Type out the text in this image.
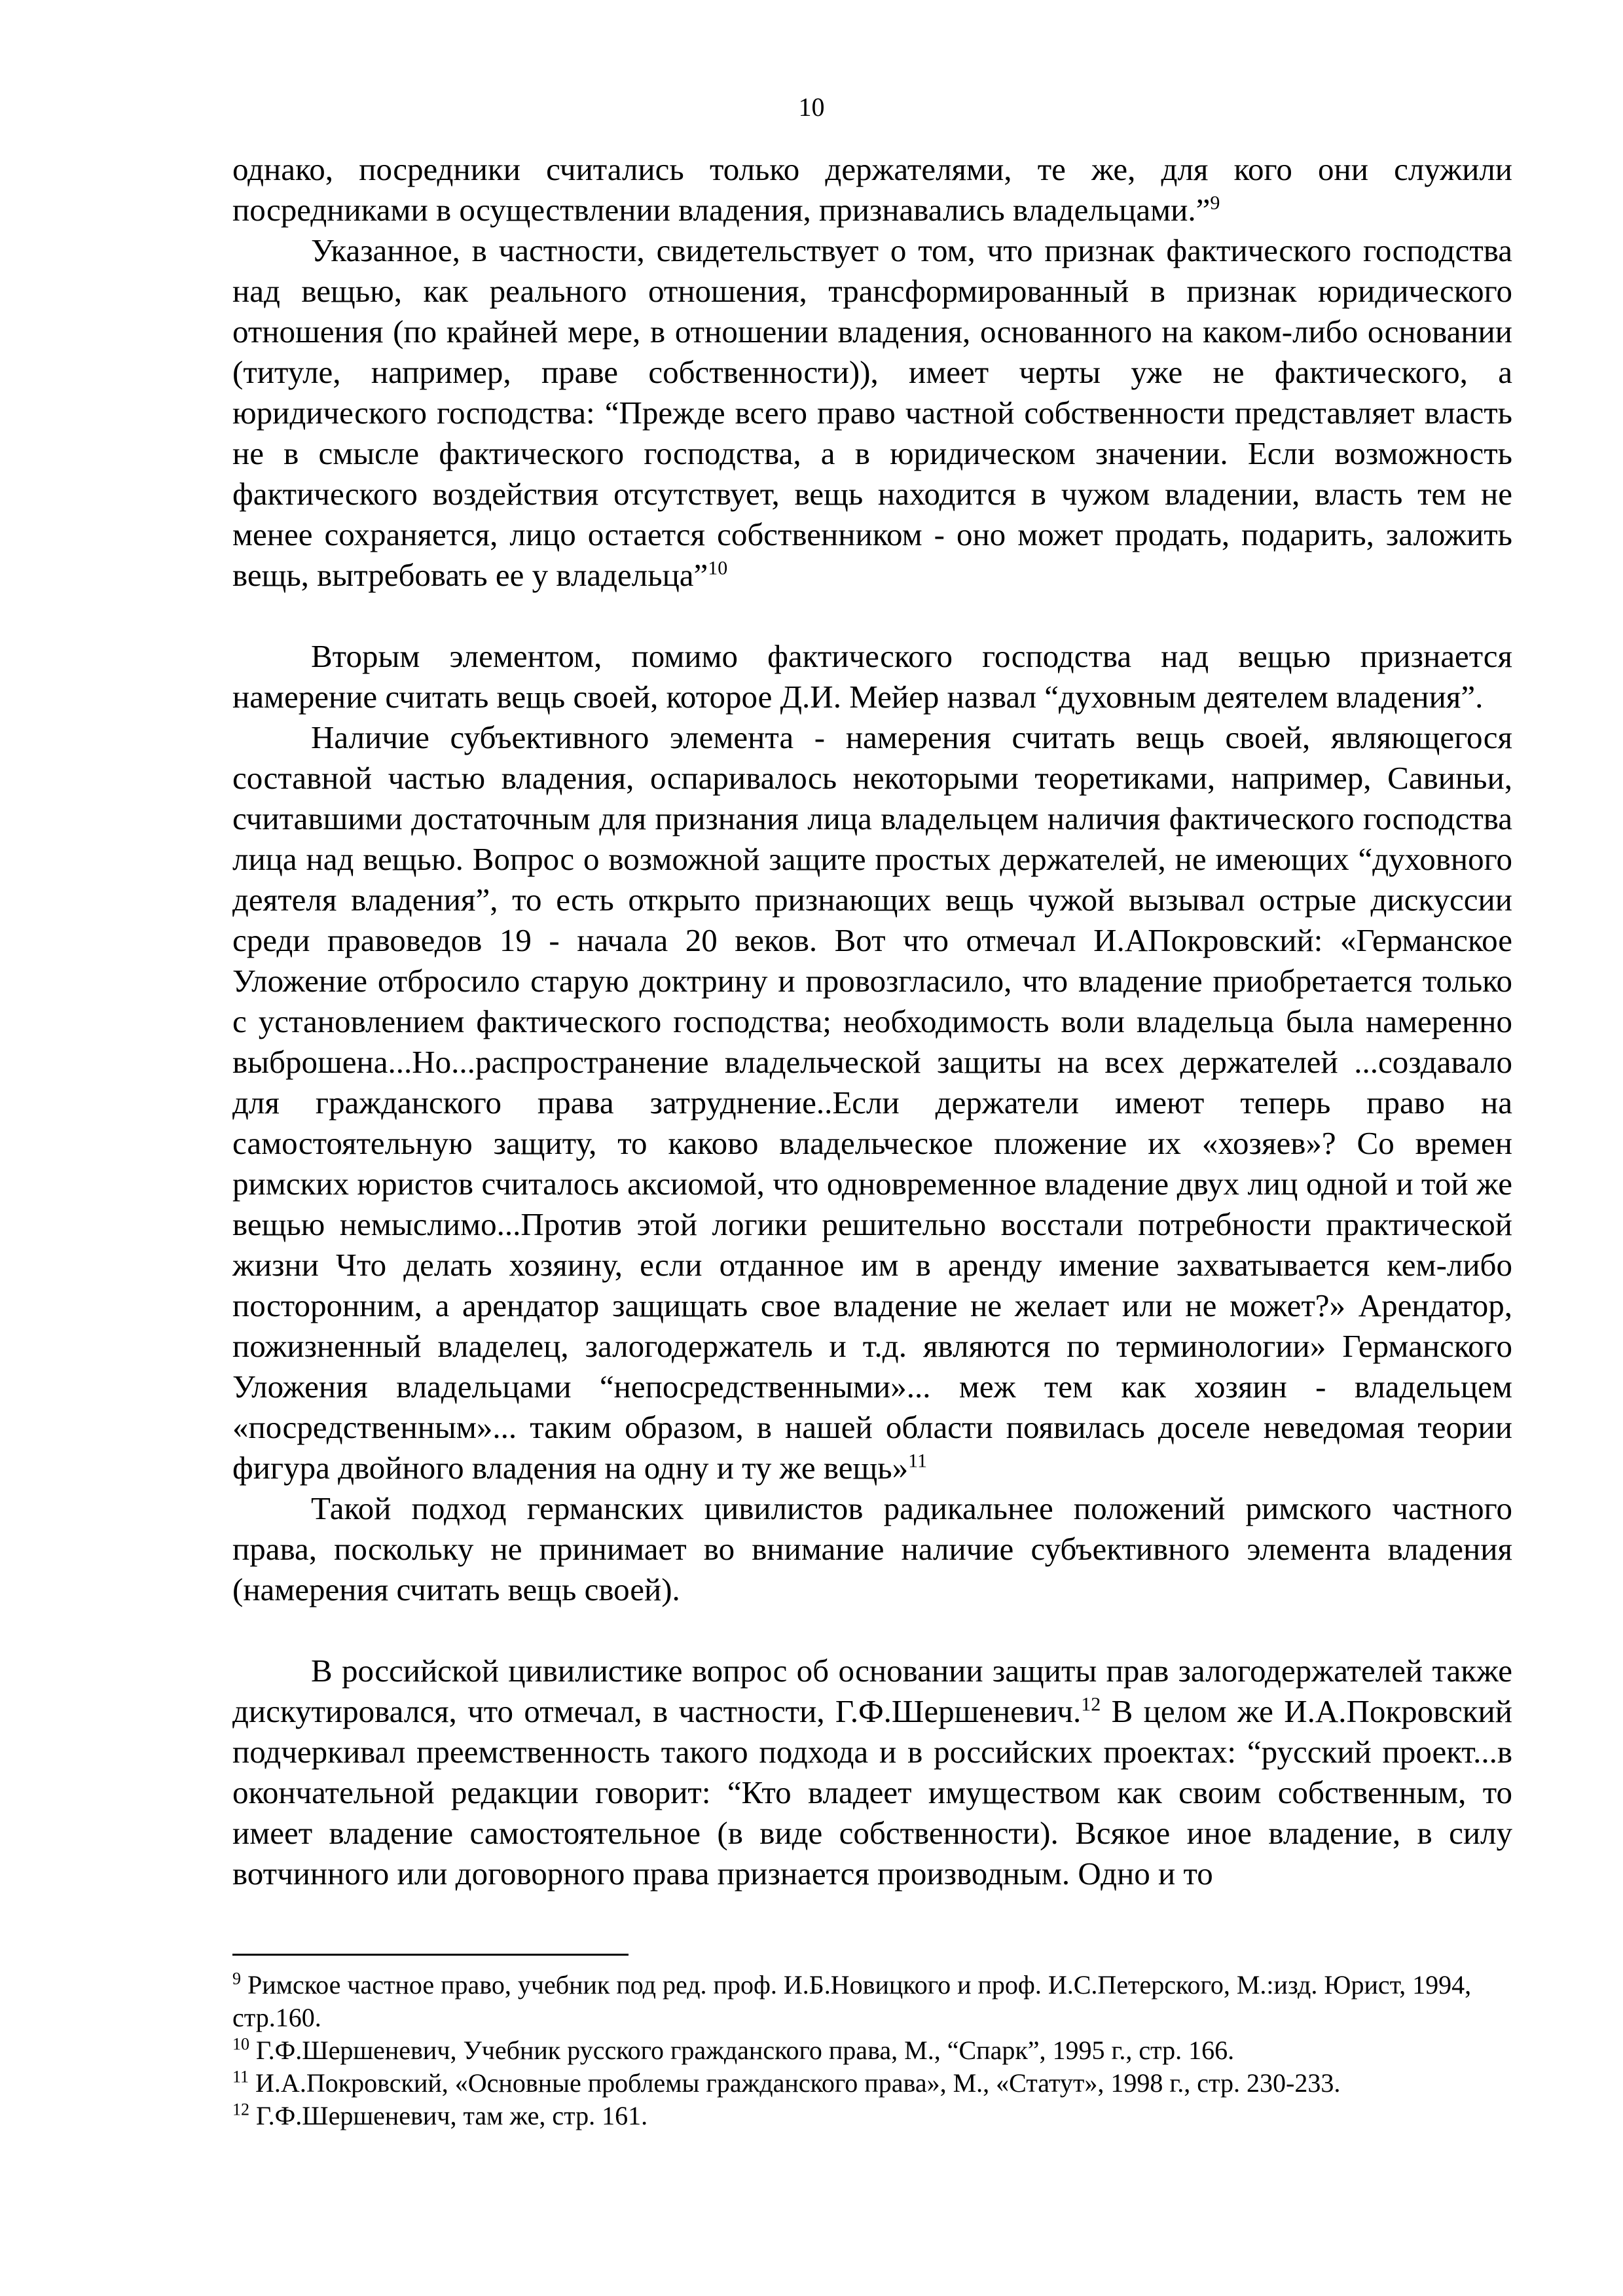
10

однако, посредники считались только держателями, те же, для кого они служили посредниками в осуществлении владения, признавались владельцами.”$^9$

Указанное, в частности, свидетельствует о том, что признак фактического господства над вещью, как реального отношения, трансформированный в признак юридического отношения (по крайней мере, в отношении владения, основанного на каком-либо основании (титуле, например, праве собственности)), имеет черты уже не фактического, а юридического господства: “Прежде всего право частной собственности представляет власть не в смысле фактического господства, а в юридическом значении. Если возможность фактического воздействия отсутствует, вещь находится в чужом владении, власть тем не менее сохраняется, лицо остается собственником - оно может продать, подарить, заложить вещь, вытребовать ее у владельца”$^{10}$

Вторым элементом, помимо фактического господства над вещью признается намерение считать вещь своей, которое Д.И. Мейер назвал “духовным деятелем владения”.

Наличие субъективного элемента - намерения считать вещь своей, являющегося составной частью владения, оспаривалось некоторыми теоретиками, например, Савиньи, считавшими достаточным для признания лица владельцем наличия фактического господства лица над вещью. Вопрос о возможной защите простых держателей, не имеющих “духовного деятеля владения”, то есть открыто признающих вещь чужой вызывал острые дискуссии среди правоведов 19 - начала 20 веков. Вот что отмечал И.АПокровский: «Германское Уложение отбросило старую доктрину и провозгласило, что владение приобретается только с установлением фактического господства; необходимость воли владельца была намеренно выброшена...Но...распространение владельческой защиты на всех держателей ...создавало для гражданского права затруднение..Если держатели имеют теперь право на самостоятельную защиту, то каково владельческое пложение их «хозяев»? Со времен римских юристов считалось аксиомой, что одновременное владение двух лиц одной и той же вещью немыслимо...Против этой логики решительно восстали потребности практической жизни Что делать хозяину, если отданное им в аренду имение захватывается кем-либо посторонним, а арендатор защищать свое владение не желает или не может?» Арендатор, пожизненный владелец, залогодержатель и т.д. являются по терминологии» Германского Уложения владельцами “непосредственными»... меж тем как хозяин - владельцем «посредственным»... таким образом, в нашей области появилась доселе неведомая теории фигура двойного владения на одну и ту же вещь»$^{11}$

Такой подход германских цивилистов радикальнее положений римского частного права, поскольку не принимает во внимание наличие субъективного элемента владения (намерения считать вещь своей).

В российской цивилистике вопрос об основании защиты прав залогодержателей также дискутировался, что отмечал, в частности, Г.Ф.Шершеневич.$^{12}$ В целом же И.А.Покровский подчеркивал преемственность такого подхода и в российских проектах: “русский проект...в окончательной редакции говорит: “Кто владеет имуществом как своим собственным, то имеет владение самостоятельное (в виде собственности). Всякое иное владение, в силу вотчинного или договорного права признается производным. Одно и то

$^9$ Римское частное право, учебник под ред. проф. И.Б.Новицкого и проф. И.С.Петерского, М.:изд. Юрист, 1994, стр.160.

$^{10}$ Г.Ф.Шершеневич, Учебник русского гражданского права, М., “Спарк”, 1995 г., стр. 166.

$^{11}$ И.А.Покровский, «Основные проблемы гражданского права», М., «Статут», 1998 г., стр. 230-233.

$^{12}$ Г.Ф.Шершеневич, там же, стр. 161.
